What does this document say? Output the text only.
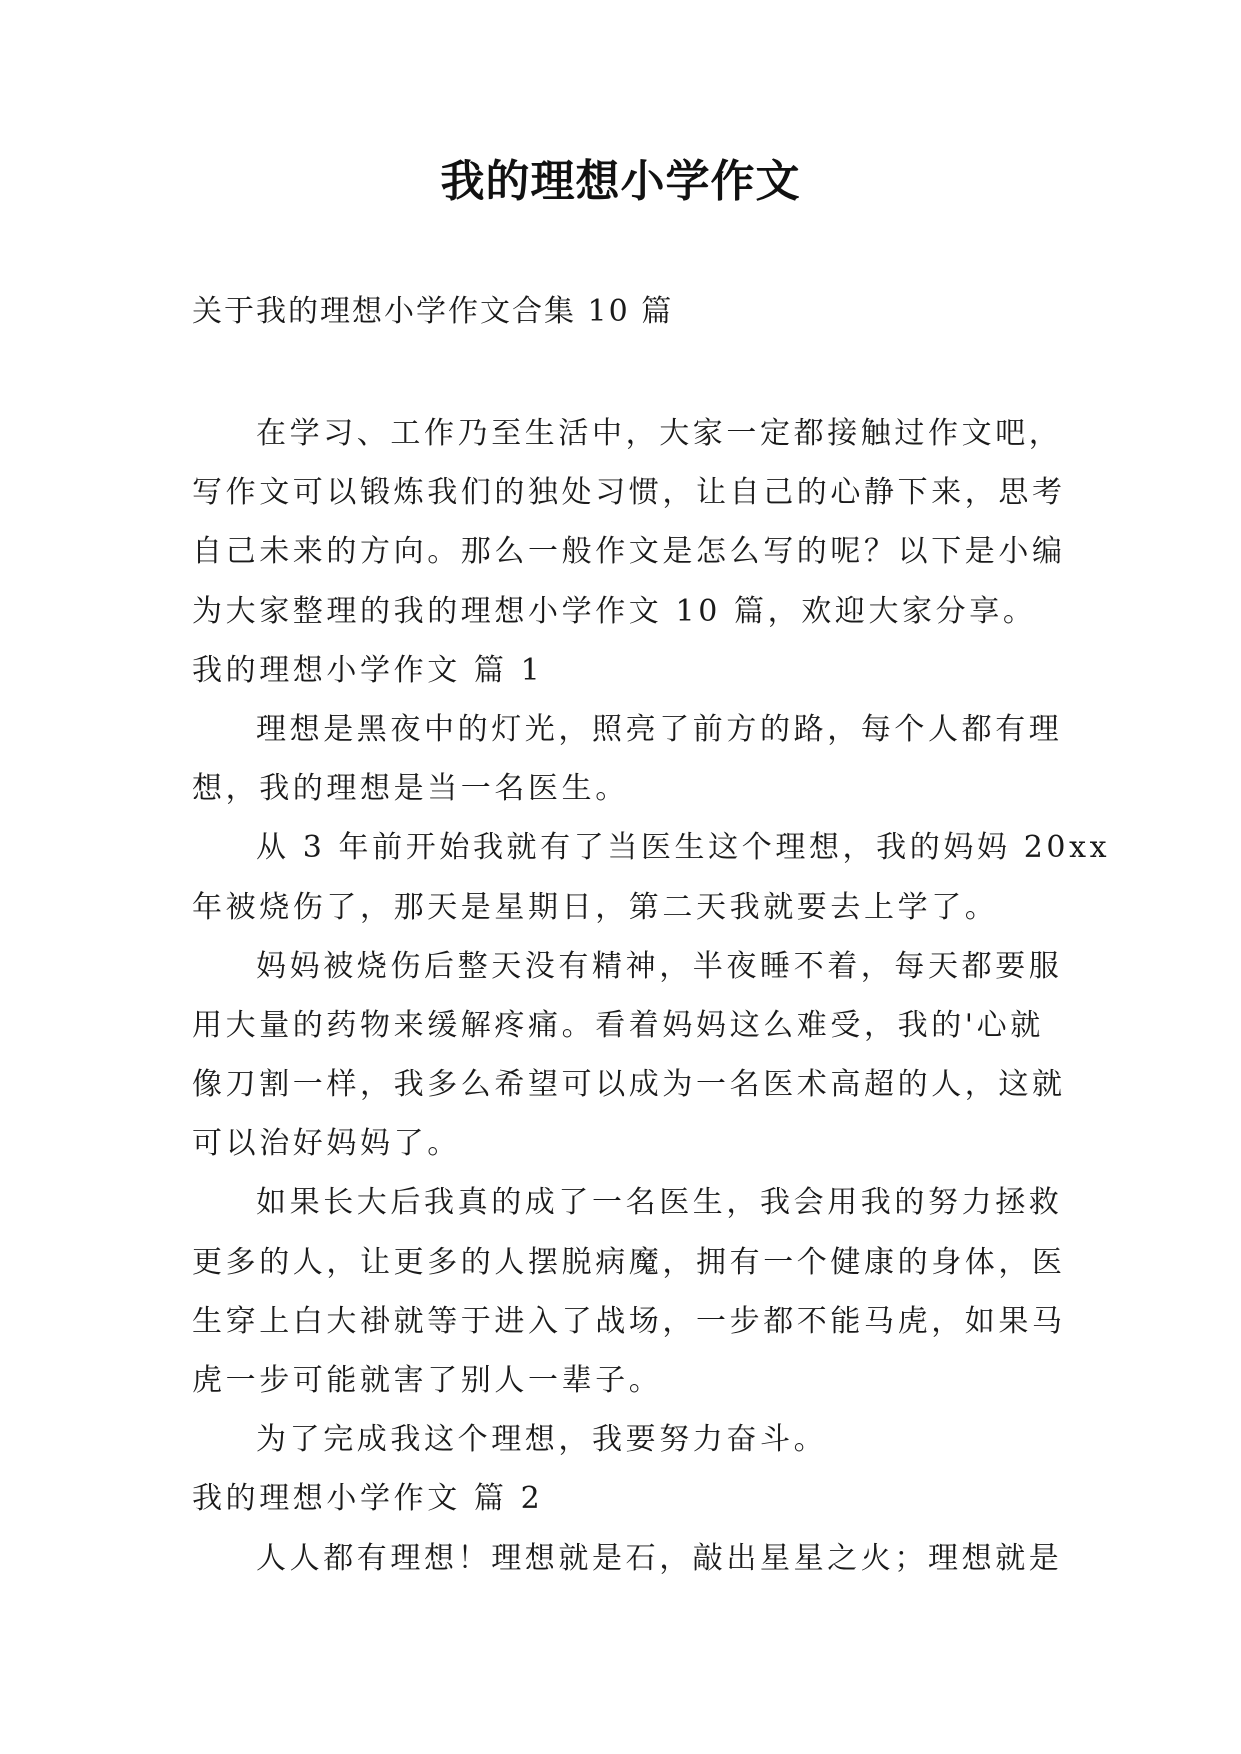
我的理想小学作文
关于我的理想小学作文合集 10 篇
在学习、工作乃至生活中，大家一定都接触过作文吧，
写作文可以锻炼我们的独处习惯，让自己的心静下来，思考
自己未来的方向。那么一般作文是怎么写的呢？以下是小编
为大家整理的我的理想小学作文 10 篇，欢迎大家分享。
我的理想小学作文 篇 1
理想是黑夜中的灯光，照亮了前方的路，每个人都有理
想，我的理想是当一名医生。
从 3 年前开始我就有了当医生这个理想，我的妈妈 20xx
年被烧伤了，那天是星期日，第二天我就要去上学了。
妈妈被烧伤后整天没有精神，半夜睡不着，每天都要服
用大量的药物来缓解疼痛。看着妈妈这么难受，我的'心就
像刀割一样，我多么希望可以成为一名医术高超的人，这就
可以治好妈妈了。
如果长大后我真的成了一名医生，我会用我的努力拯救
更多的人，让更多的人摆脱病魔，拥有一个健康的身体，医
生穿上白大褂就等于进入了战场，一步都不能马虎，如果马
虎一步可能就害了别人一辈子。
为了完成我这个理想，我要努力奋斗。
我的理想小学作文 篇 2
人人都有理想！理想就是石，敲出星星之火；理想就是
